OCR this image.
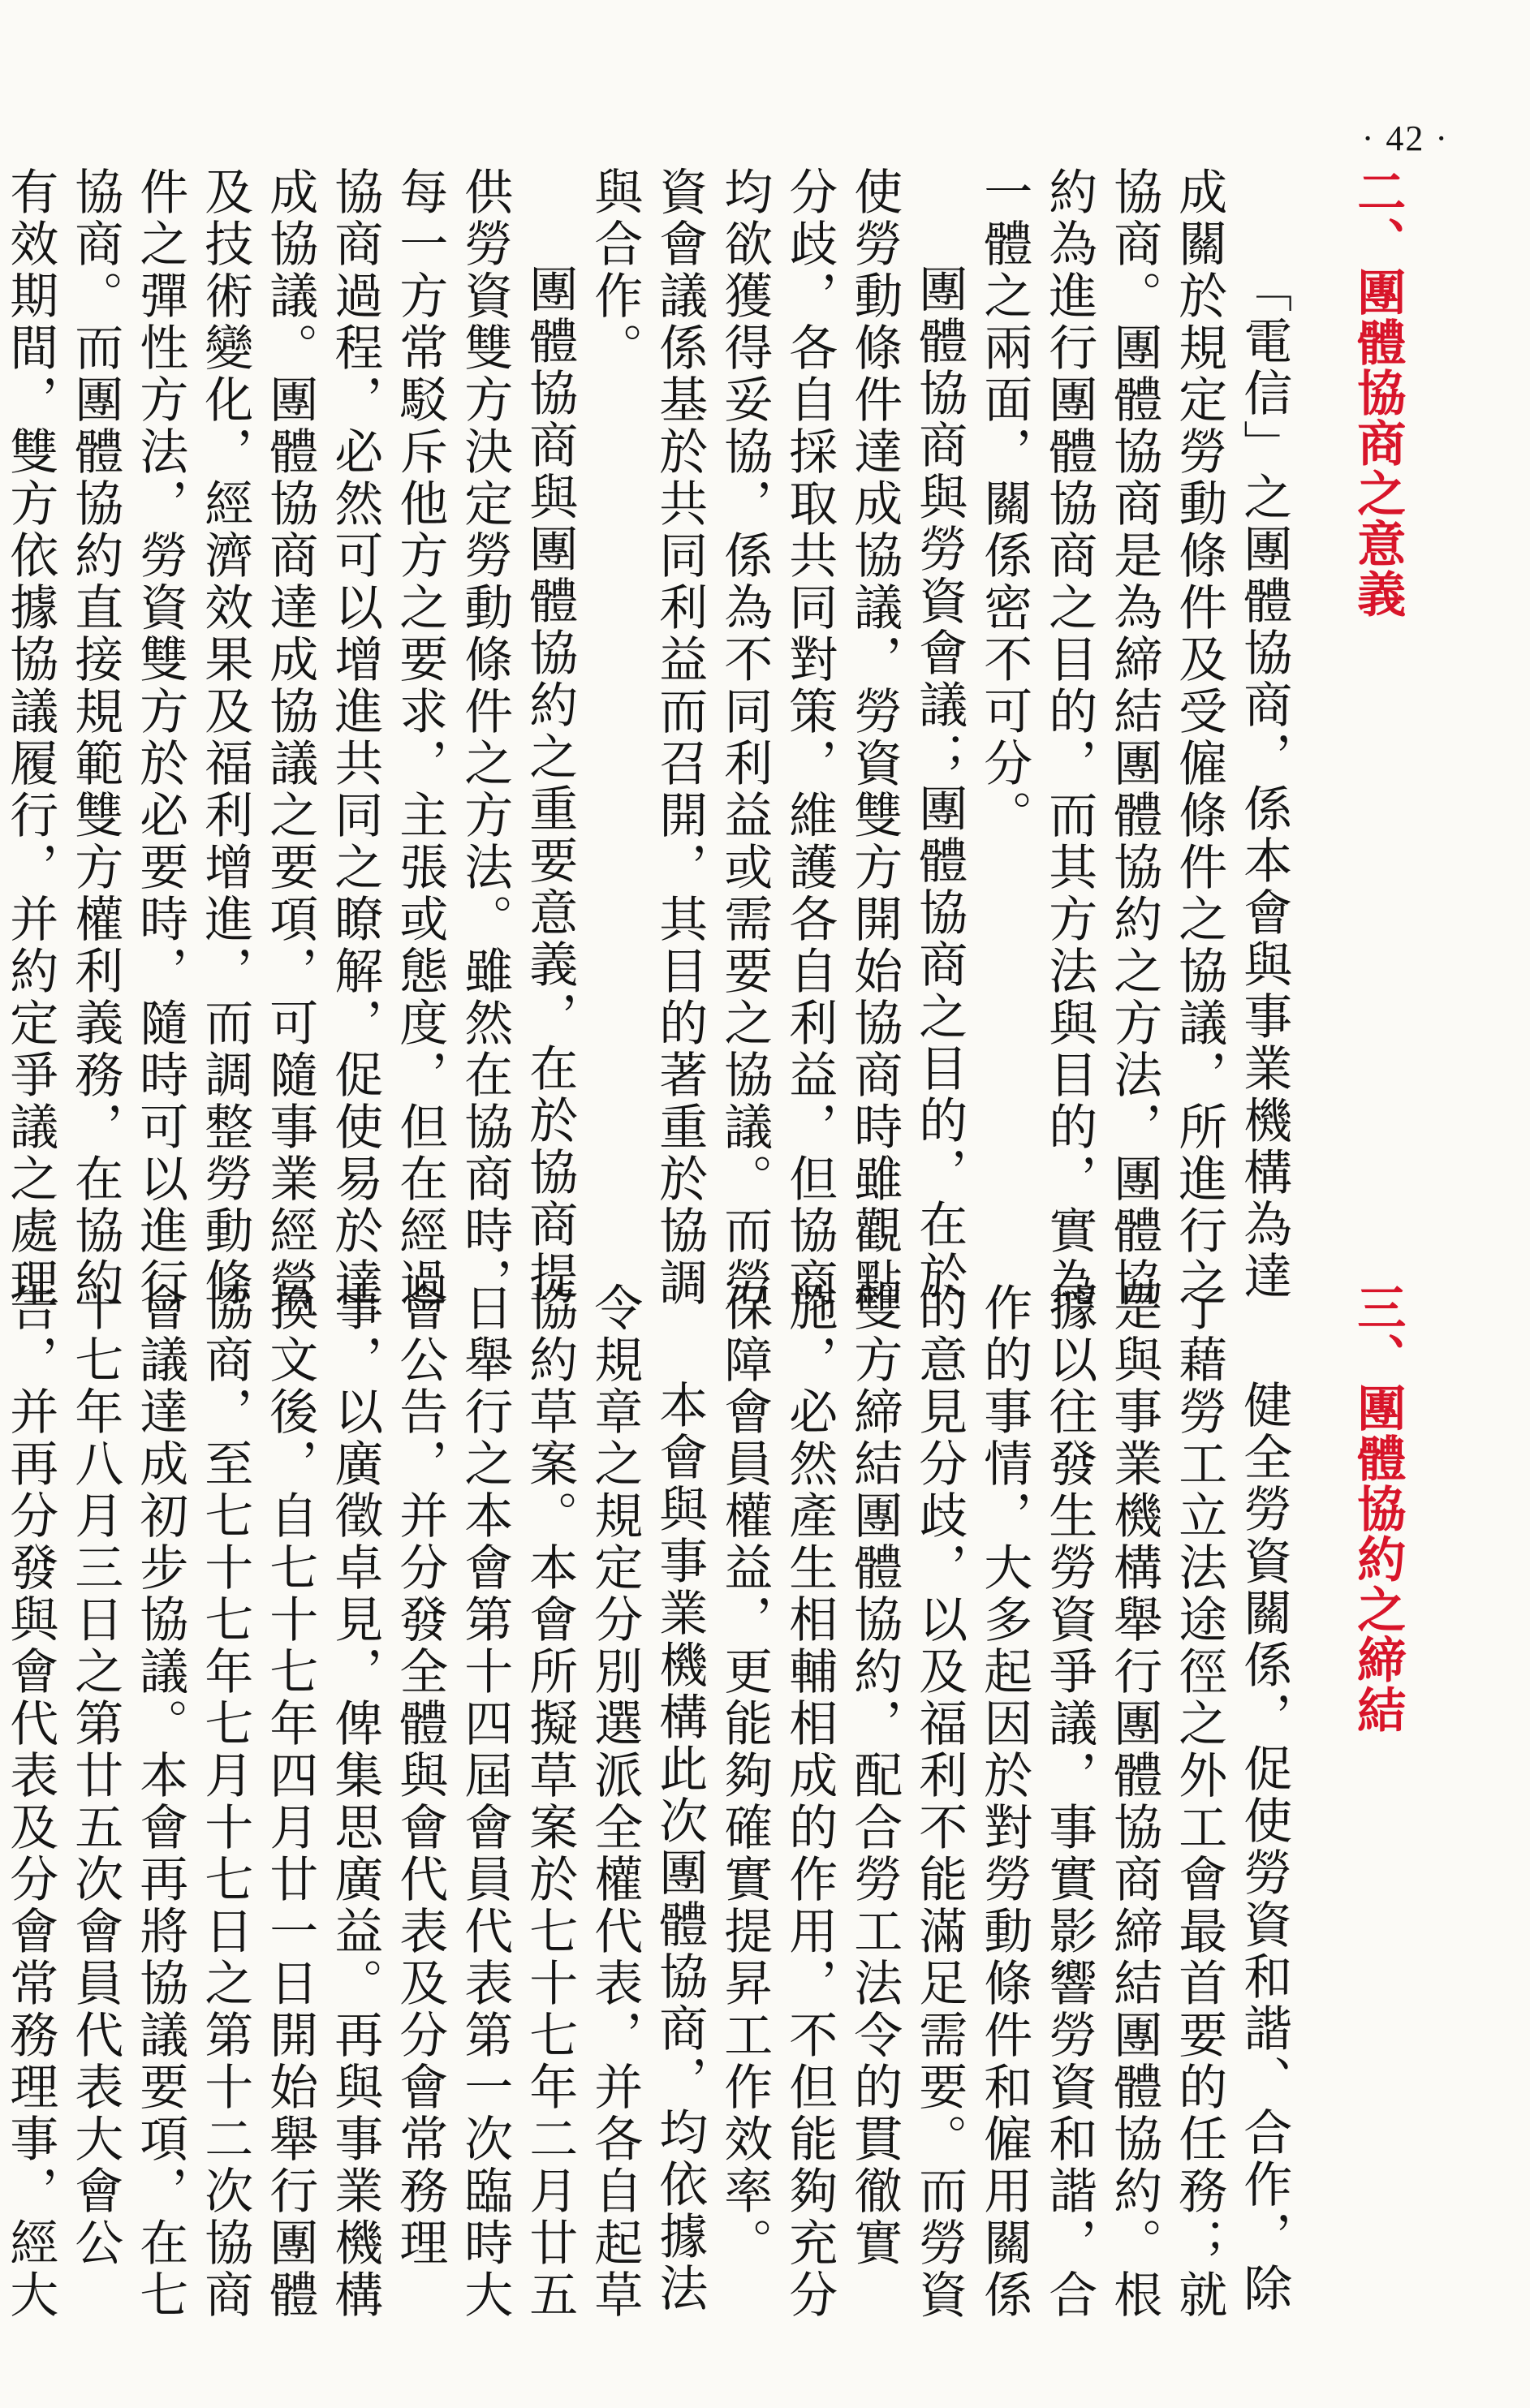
· 42 ·
二、團體協商之意義

「電信」之團體協商，係本會與事業機構為達成關於規定勞動條件及受僱條件之協議，所進行之協商。團體協商是為締結團體協約之方法，團體協約為進行團體協商之目的，而其方法與目的，實為一體之兩面，關係密不可分。

團體協商與勞資會議；團體協商之目的，在於使勞動條件達成協議，勞資雙方開始協商時雖觀點分歧，各自採取共同對策，維護各自利益，但協商均欲獲得妥協，係為不同利益或需要之協議。而勞資會議係基於共同利益而召開，其目的著重於協調與合作。

團體協商與團體協約之重要意義，在於協商提供勞資雙方決定勞動條件之方法。雖然在協商時，每一方常駁斥他方之要求，主張或態度，但在經過協商過程，必然可以增進共同之瞭解，促使易於達成協議。團體協商達成協議之要項，可隨事業經營及技術變化，經濟效果及福利增進，而調整勞動條件之彈性方法，勞資雙方於必要時，隨時可以進行協商。而團體協約直接規範雙方權利義務，在協約有效期間，雙方依據協議履行，并約定爭議之處理	三、團體協約之締結

健全勞資關係，促使勞資和諧、合作，除了藉勞工立法途徑之外工會最首要的任務；就是與事業機構舉行團體協商締結團體協約。根據以往發生勞資爭議，事實影響勞資和諧，合作的事情，大多起因於對勞動條件和僱用關係的意見分歧，以及福利不能滿足需要。而勞資雙方締結團體協約，配合勞工法令的貫徹實施，必然產生相輔相成的作用，不但能夠充分保障會員權益，更能夠確實提昇工作效率。

本會與事業機構此次團體協商，均依據法令規章之規定分別選派全權代表，并各自起草協約草案。本會所擬草案於七十七年二月廿五日舉行之本會第十四屆會員代表第一次臨時大會公告，并分發全體與會代表及分會常務理事，以廣徵卓見，俾集思廣益。再與事業機構換文後，自七十七年四月廿一日開始舉行團體協商，至七十七年七月十七日之第十二次協商會議達成初步協議。本會再將協議要項，在七十七年八月三日之第廿五次會員代表大會公告，并再分發與會代表及分會常務理事，經大
